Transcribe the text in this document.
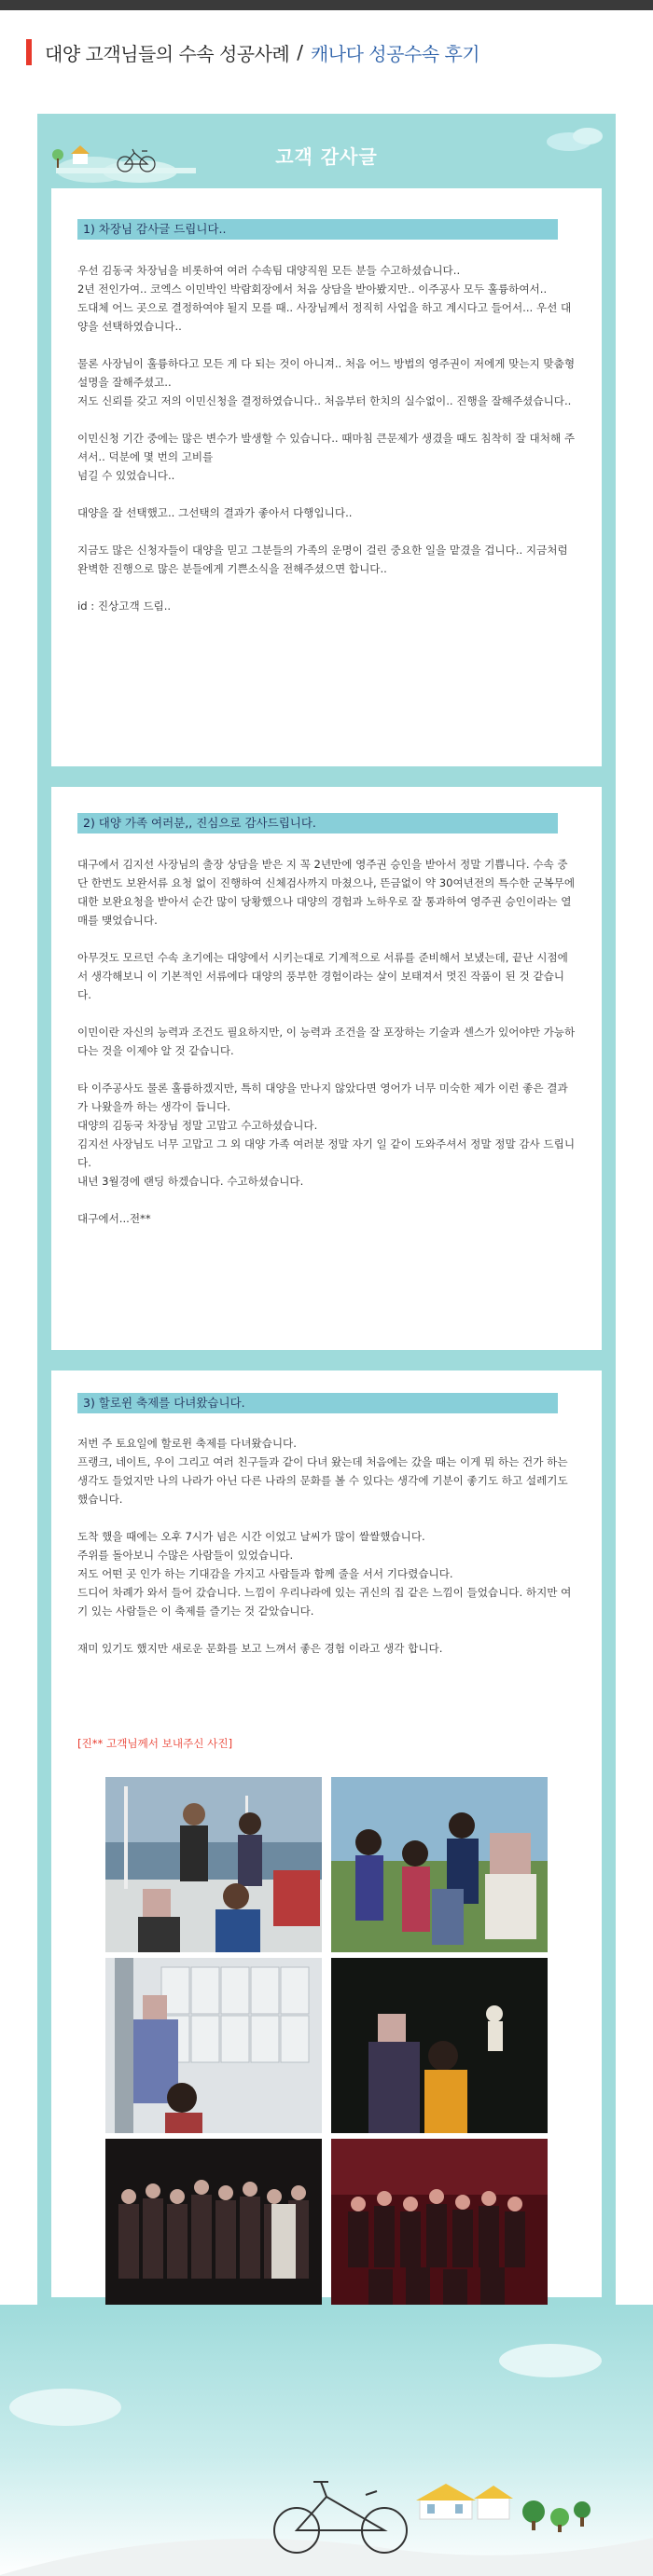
대양 고객님들의 수속 성공사례 / 캐나다 성공수속 후기
고객 감사글
1) 차장님 감사글 드립니다..

우선 김동국 차장님을 비롯하여 여러 수속팀 대양직원 모든 분들 수고하셨습니다..
2년 전인가여.. 코엑스 이민박인 박람회장에서 처음 상담을 받아봤지만.. 이주공사 모두 훌륭하여서..
도대체 어느 곳으로 결정하여야 될지 모를 때.. 사장님께서 정직히 사업을 하고 계시다고 들어서... 우선 대양을 선택하였습니다..

물론 사장님이 훌륭하다고 모든 게 다 되는 것이 아니져.. 처음 어느 방법의 영주권이 저에게 맞는지 맞춤형 설명을 잘해주셨고..
저도 신뢰를 갖고 저의 이민신청을 결정하였습니다.. 처음부터 한치의 실수없이.. 진행을 잘해주셨습니다..

이민신청 기간 중에는 많은 변수가 발생할 수 있습니다.. 때마침 큰문제가 생겼을 때도 침착히 잘 대처해 주셔서.. 덕분에 몇 번의 고비를
넘길 수 있었습니다..

대양을 잘 선택했고.. 그선택의 결과가 좋아서 다행입니다..

지금도 많은 신청자들이 대양을 믿고 그분들의 가족의 운명이 걸린 중요한 일을 맡겼을 겁니다.. 지금처럼 완벽한 진행으로 많은 분들에게 기쁜소식을 전해주셨으면 합니다..

id : 진상고객 드림..

2) 대양 가족 여러분,, 진심으로 감사드립니다.

대구에서 김지선 사장님의 출장 상담을 받은 지 꼭 2년만에 영주권 승인을 받아서 정말 기쁩니다. 수속 중 단 한번도 보완서류 요청 없이 진행하여 신체검사까지 마쳤으나, 뜬금없이 약 30여년전의 특수한 군복무에 대한 보완요청을 받아서 순간 많이 당황했으나 대양의 경험과 노하우로 잘 통과하여 영주권 승인이라는 열매를 맺었습니다.

아무것도 모르던 수속 초기에는 대양에서 시키는대로 기계적으로 서류를 준비해서 보냈는데, 끝난 시점에서 생각해보니 이 기본적인 서류에다 대양의 풍부한 경험이라는 살이 보태져서 멋진 작품이 된 것 같습니다.

이민이란 자신의 능력과 조건도 필요하지만, 이 능력과 조건을 잘 포장하는 기술과 센스가 있어야만 가능하다는 것을 이제야 알 것 같습니다.

타 이주공사도 물론 훌륭하겠지만, 특히 대양을 만나지 않았다면 영어가 너무 미숙한 제가 이런 좋은 결과가 나왔을까 하는 생각이 듭니다.
대양의 김동국 차장님 정말 고맙고 수고하셨습니다.
김지선 사장님도 너무 고맙고 그 외 대양 가족 여러분 정말 자기 일 같이 도와주셔서 정말 정말 감사 드립니다.
내년 3월경에 랜딩 하겠습니다. 수고하셨습니다.

대구에서...전**

3) 할로윈 축제를 다녀왔습니다.

저번 주 토요일에 할로윈 축제를 다녀왔습니다.
프랭크, 네이트, 우이 그리고 여러 친구들과 같이 다녀 왔는데 처음에는 갔을 때는 이게 뭐 하는 건가 하는 생각도 들었지만 나의 나라가 아닌 다른 나라의 문화를 볼 수 있다는 생각에 기분이 좋기도 하고 설레기도 했습니다.

도착 했을 때에는 오후 7시가 넘은 시간 이었고 날씨가 많이 쌀쌀했습니다.
주위를 돌아보니 수많은 사람들이 있었습니다.
저도 어떤 곳 인가 하는 기대감을 가지고 사람들과 함께 줄을 서서 기다렸습니다.
드디어 차례가 와서 들어 갔습니다. 느낌이 우리나라에 있는 귀신의 집 같은 느낌이 들었습니다. 하지만 여기 있는 사람들은 이 축제를 즐기는 것 같았습니다.

재미 있기도 했지만 새로운 문화를 보고 느껴서 좋은 경험 이라고 생각 합니다.

[진** 고객님께서 보내주신 사진]
